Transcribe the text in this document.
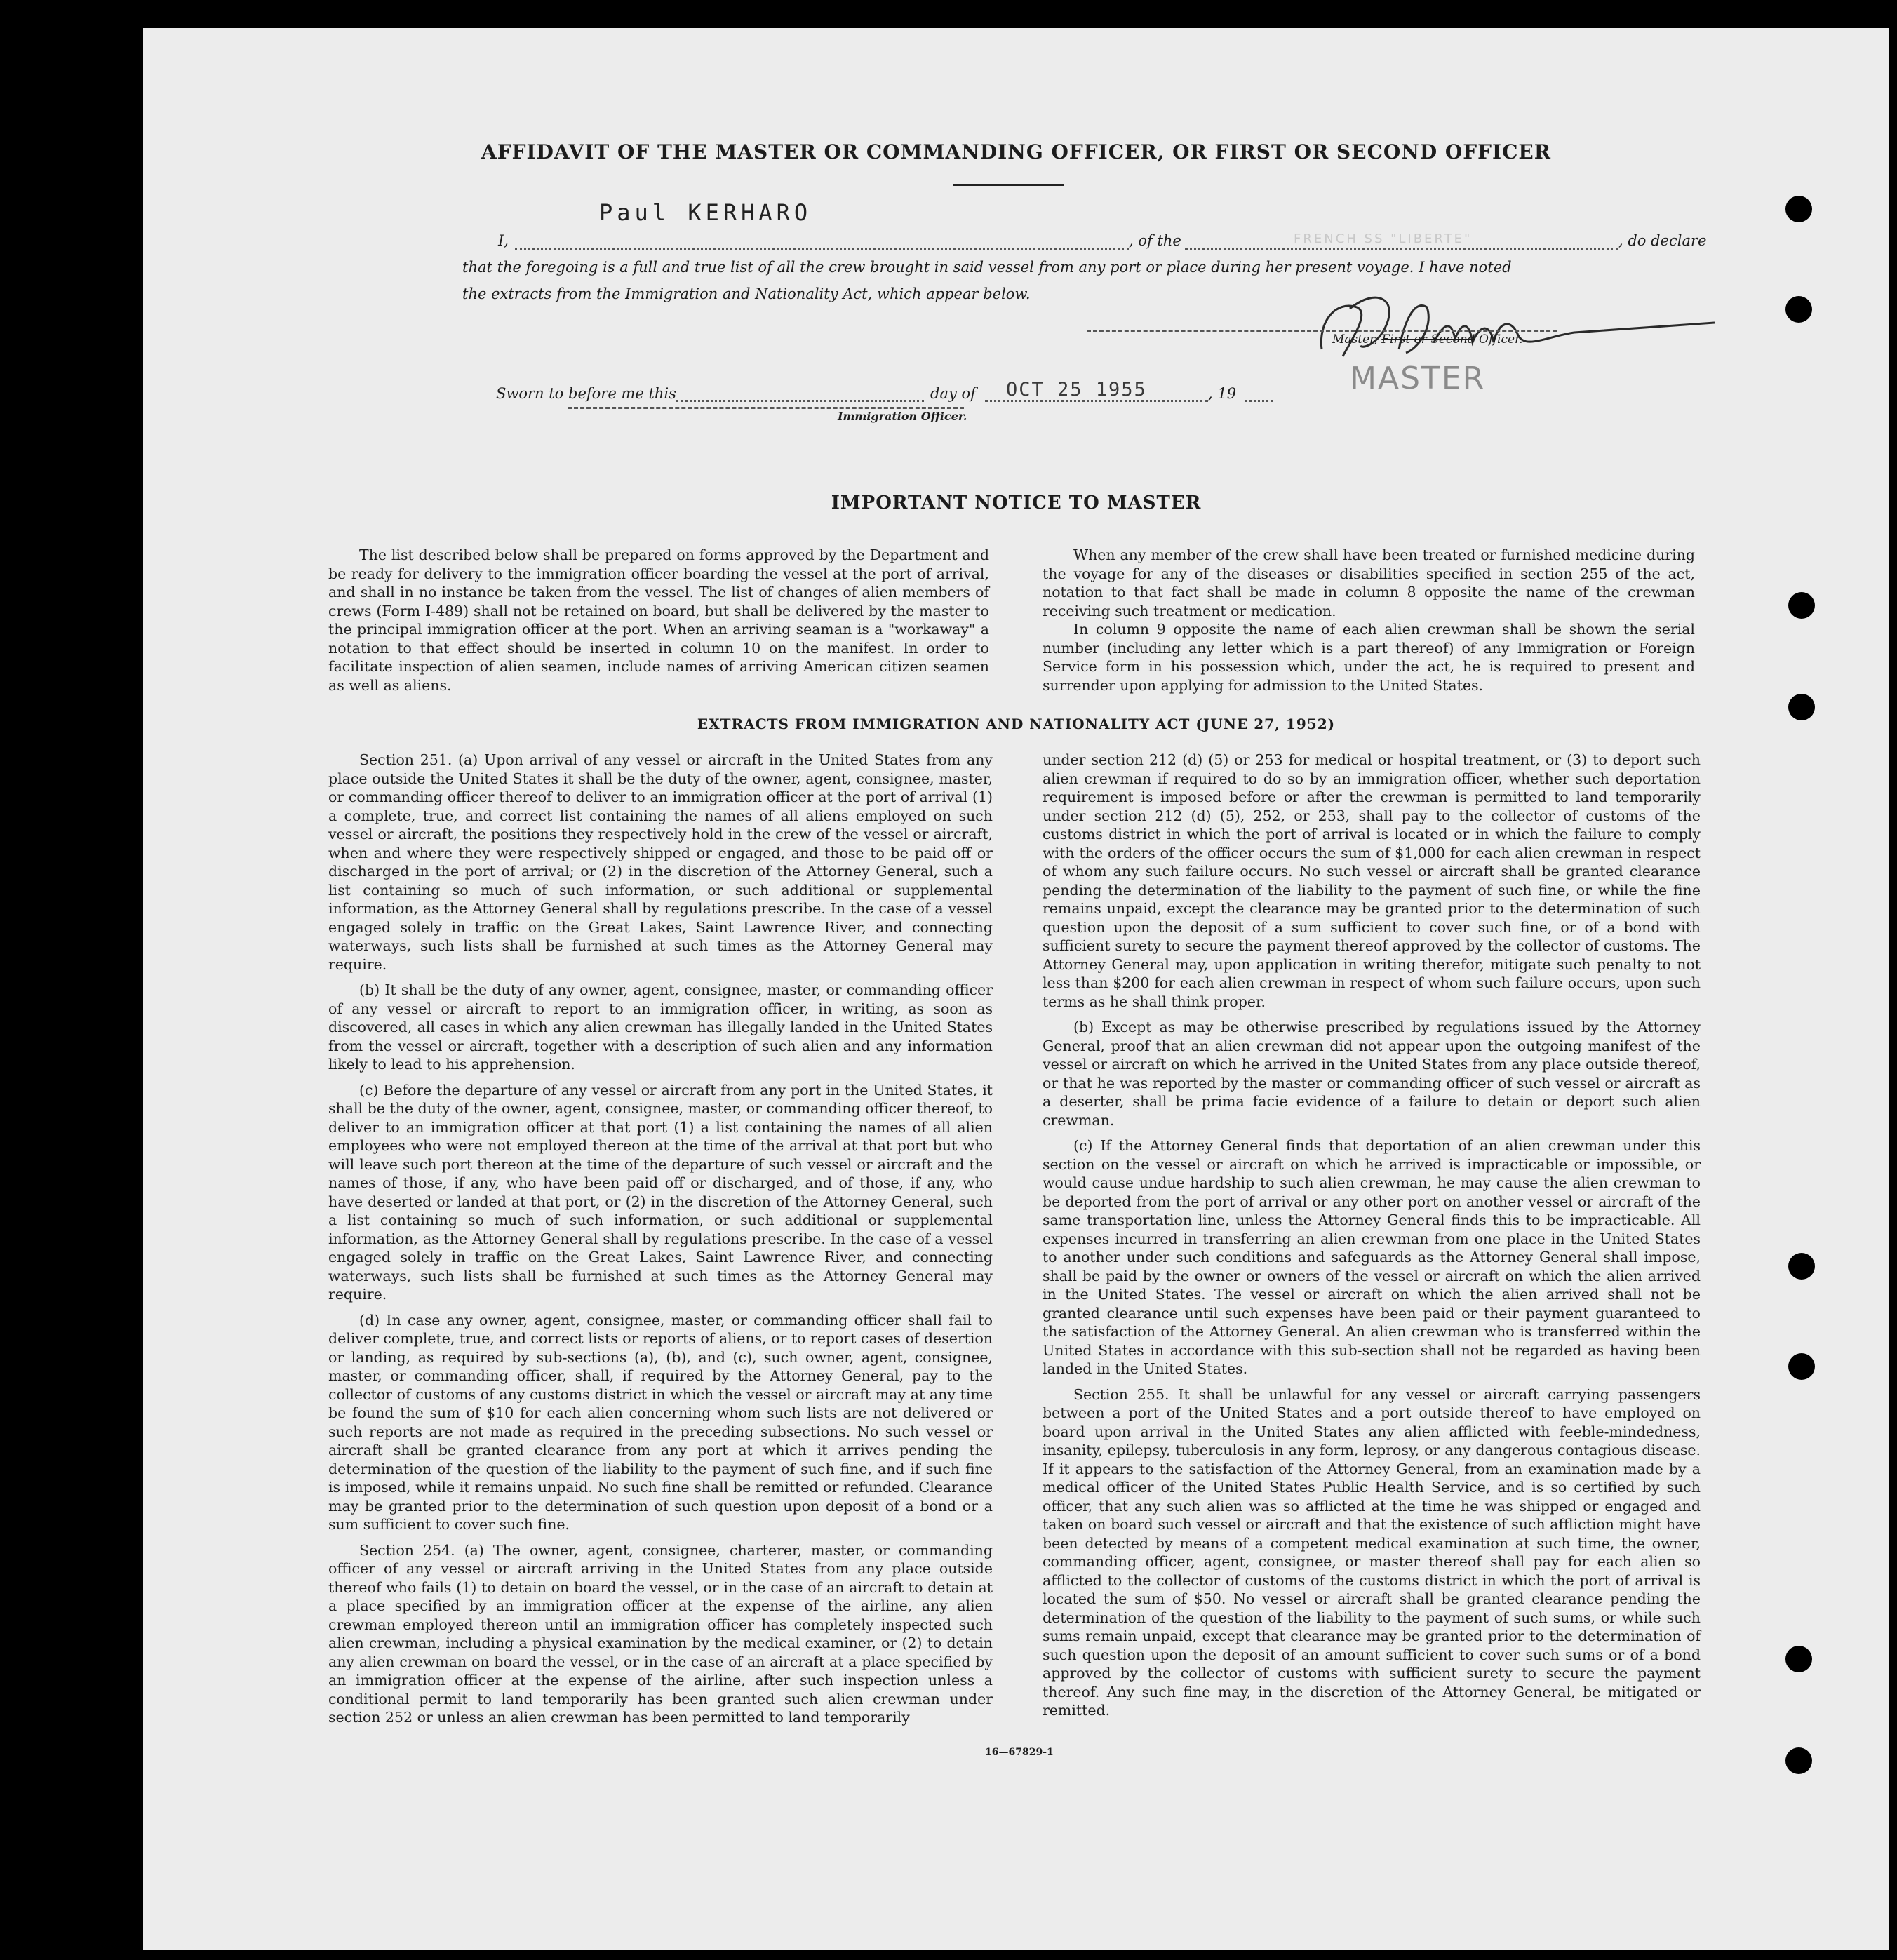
AFFIDAVIT OF THE MASTER OR COMMANDING OFFICER, OR FIRST OR SECOND OFFICER
I,
Paul KERHARO
, of the	FRENCH SS "LIBERTE"	, do declare
that the foregoing is a full and true list of all the crew brought in said vessel from any port or place during her present voyage. I have noted
the extracts from the Immigration and Nationality Act, which appear below.
Master, First or Second Officer.
MASTER
Sworn to before me this	day of OCT 25 1955	, 19
Immigration Officer.
IMPORTANT NOTICE TO MASTER

The list described below shall be prepared on forms approved by the Department and be ready for delivery to the immigration officer boarding the vessel at the port of arrival, and shall in no instance be taken from the vessel. The list of changes of alien members of crews (Form I-489) shall not be retained on board, but shall be delivered by the master to the principal immigration officer at the port. When an arriving seaman is a "workaway" a notation to that effect should be inserted in column 10 on the manifest. In order to facilitate inspection of alien seamen, include names of arriving American citizen seamen as well as aliens.

When any member of the crew shall have been treated or furnished medicine during the voyage for any of the diseases or disabilities specified in section 255 of the act, notation to that fact shall be made in column 8 opposite the name of the crewman receiving such treatment or medication.

In column 9 opposite the name of each alien crewman shall be shown the serial number (including any letter which is a part thereof) of any Immigration or Foreign Service form in his possession which, under the act, he is required to present and surrender upon applying for admission to the United States.

EXTRACTS FROM IMMIGRATION AND NATIONALITY ACT (JUNE 27, 1952)

Section 251. (a) Upon arrival of any vessel or aircraft in the United States from any place outside the United States it shall be the duty of the owner, agent, consignee, master, or commanding officer thereof to deliver to an immigration officer at the port of arrival (1) a complete, true, and correct list containing the names of all aliens employed on such vessel or aircraft, the positions they respectively hold in the crew of the vessel or aircraft, when and where they were respectively shipped or engaged, and those to be paid off or discharged in the port of arrival; or (2) in the discretion of the Attorney General, such a list containing so much of such information, or such additional or supplemental information, as the Attorney General shall by regulations prescribe. In the case of a vessel engaged solely in traffic on the Great Lakes, Saint Lawrence River, and connecting waterways, such lists shall be furnished at such times as the Attorney General may require.

(b) It shall be the duty of any owner, agent, consignee, master, or commanding officer of any vessel or aircraft to report to an immigration officer, in writing, as soon as discovered, all cases in which any alien crewman has illegally landed in the United States from the vessel or aircraft, together with a description of such alien and any information likely to lead to his apprehension.

(c) Before the departure of any vessel or aircraft from any port in the United States, it shall be the duty of the owner, agent, consignee, master, or commanding officer thereof, to deliver to an immigration officer at that port (1) a list containing the names of all alien employees who were not employed thereon at the time of the arrival at that port but who will leave such port thereon at the time of the departure of such vessel or aircraft and the names of those, if any, who have been paid off or discharged, and of those, if any, who have deserted or landed at that port, or (2) in the discretion of the Attorney General, such a list containing so much of such information, or such additional or supplemental information, as the Attorney General shall by regulations prescribe. In the case of a vessel engaged solely in traffic on the Great Lakes, Saint Lawrence River, and connecting waterways, such lists shall be furnished at such times as the Attorney General may require.

(d) In case any owner, agent, consignee, master, or commanding officer shall fail to deliver complete, true, and correct lists or reports of aliens, or to report cases of desertion or landing, as required by sub-sections (a), (b), and (c), such owner, agent, consignee, master, or commanding officer, shall, if required by the Attorney General, pay to the collector of customs of any customs district in which the vessel or aircraft may at any time be found the sum of $10 for each alien concerning whom such lists are not delivered or such reports are not made as required in the preceding subsections. No such vessel or aircraft shall be granted clearance from any port at which it arrives pending the determination of the question of the liability to the payment of such fine, and if such fine is imposed, while it remains unpaid. No such fine shall be remitted or refunded. Clearance may be granted prior to the determination of such question upon deposit of a bond or a sum sufficient to cover such fine.

Section 254. (a) The owner, agent, consignee, charterer, master, or commanding officer of any vessel or aircraft arriving in the United States from any place outside thereof who fails (1) to detain on board the vessel, or in the case of an aircraft to detain at a place specified by an immigration officer at the expense of the airline, any alien crewman employed thereon until an immigration officer has completely inspected such alien crewman, including a physical examination by the medical examiner, or (2) to detain any alien crewman on board the vessel, or in the case of an aircraft at a place specified by an immigration officer at the expense of the airline, after such inspection unless a conditional permit to land temporarily has been granted such alien crewman under section 252 or unless an alien crewman has been permitted to land temporarily

under section 212 (d) (5) or 253 for medical or hospital treatment, or (3) to deport such alien crewman if required to do so by an immigration officer, whether such deportation requirement is imposed before or after the crewman is permitted to land temporarily under section 212 (d) (5), 252, or 253, shall pay to the collector of customs of the customs district in which the port of arrival is located or in which the failure to comply with the orders of the officer occurs the sum of $1,000 for each alien crewman in respect of whom any such failure occurs. No such vessel or aircraft shall be granted clearance pending the determination of the liability to the payment of such fine, or while the fine remains unpaid, except the clearance may be granted prior to the determination of such question upon the deposit of a sum sufficient to cover such fine, or of a bond with sufficient surety to secure the payment thereof approved by the collector of customs. The Attorney General may, upon application in writing therefor, mitigate such penalty to not less than $200 for each alien crewman in respect of whom such failure occurs, upon such terms as he shall think proper.

(b) Except as may be otherwise prescribed by regulations issued by the Attorney General, proof that an alien crewman did not appear upon the outgoing manifest of the vessel or aircraft on which he arrived in the United States from any place outside thereof, or that he was reported by the master or commanding officer of such vessel or aircraft as a deserter, shall be prima facie evidence of a failure to detain or deport such alien crewman.

(c) If the Attorney General finds that deportation of an alien crewman under this section on the vessel or aircraft on which he arrived is impracticable or impossible, or would cause undue hardship to such alien crewman, he may cause the alien crewman to be deported from the port of arrival or any other port on another vessel or aircraft of the same transportation line, unless the Attorney General finds this to be impracticable. All expenses incurred in transferring an alien crewman from one place in the United States to another under such conditions and safeguards as the Attorney General shall impose, shall be paid by the owner or owners of the vessel or aircraft on which the alien arrived in the United States. The vessel or aircraft on which the alien arrived shall not be granted clearance until such expenses have been paid or their payment guaranteed to the satisfaction of the Attorney General. An alien crewman who is transferred within the United States in accordance with this sub-section shall not be regarded as having been landed in the United States.

Section 255. It shall be unlawful for any vessel or aircraft carrying passengers between a port of the United States and a port outside thereof to have employed on board upon arrival in the United States any alien afflicted with feeble-mindedness, insanity, epilepsy, tuberculosis in any form, leprosy, or any dangerous contagious disease. If it appears to the satisfaction of the Attorney General, from an examination made by a medical officer of the United States Public Health Service, and is so certified by such officer, that any such alien was so afflicted at the time he was shipped or engaged and taken on board such vessel or aircraft and that the existence of such affliction might have been detected by means of a competent medical examination at such time, the owner, commanding officer, agent, consignee, or master thereof shall pay for each alien so afflicted to the collector of customs of the customs district in which the port of arrival is located the sum of $50. No vessel or aircraft shall be granted clearance pending the determination of the question of the liability to the payment of such sums, or while such sums remain unpaid, except that clearance may be granted prior to the determination of such question upon the deposit of an amount sufficient to cover such sums or of a bond approved by the collector of customs with sufficient surety to secure the payment thereof. Any such fine may, in the discretion of the Attorney General, be mitigated or remitted.

16—67829-1
